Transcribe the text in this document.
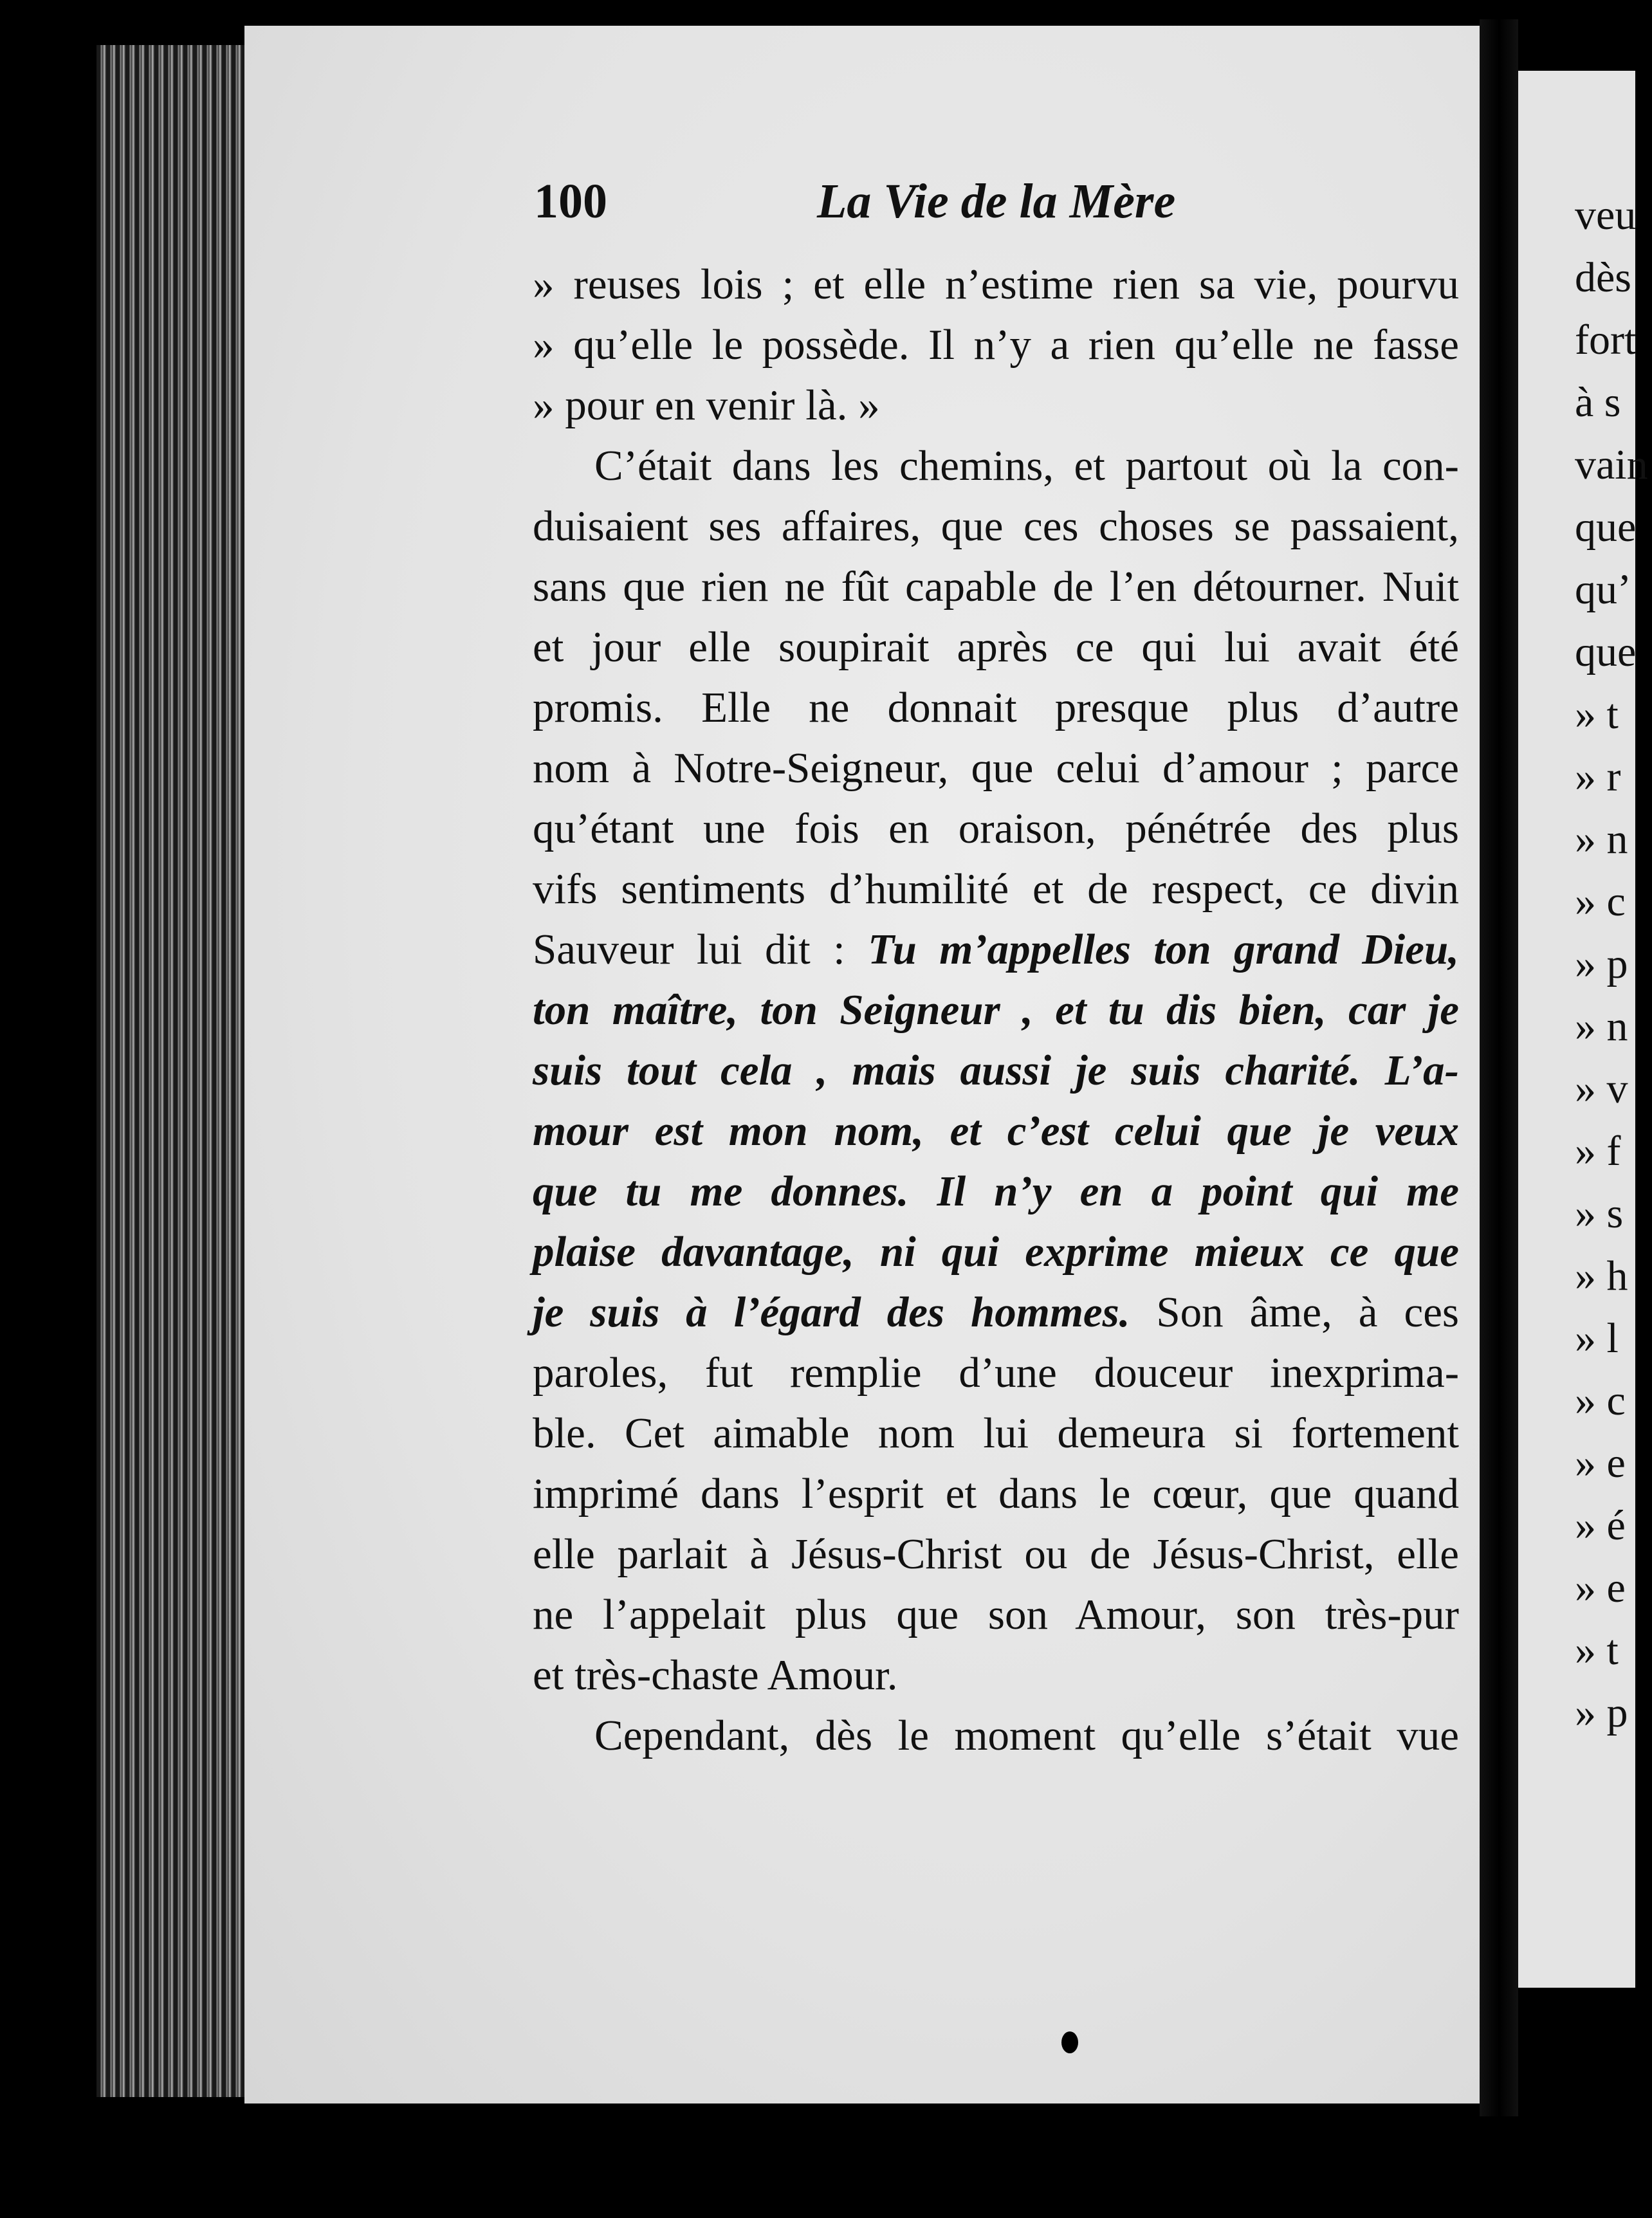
veu
dès
fort
à s
vain
que
qu’
que
» t
» r
» n
» c
» p
» n
» v
» f
» s
» h
» l
» c
» e
» é
» e
» t
» p
100	La Vie de la Mère
» reuses lois ; et elle n’estime rien sa vie, pourvu
» qu’elle le possède. Il n’y a rien qu’elle ne fasse
» pour en venir là. »
C’était dans les chemins, et partout où la con-
duisaient ses affaires, que ces choses se passaient,
sans que rien ne fût capable de l’en détourner. Nuit
et jour elle soupirait après ce qui lui avait été
promis. Elle ne donnait presque plus d’autre
nom à Notre-Seigneur, que celui d’amour ; parce
qu’étant une fois en oraison, pénétrée des plus
vifs sentiments d’humilité et de respect, ce divin
Sauveur lui dit : Tu m’appelles ton grand Dieu,
ton maître, ton Seigneur , et tu dis bien, car je
suis tout cela , mais aussi je suis charité. L’a-
mour est mon nom, et c’est celui que je veux
que tu me donnes. Il n’y en a point qui me
plaise davantage, ni qui exprime mieux ce que
je suis à l’égard des hommes. Son âme, à ces
paroles, fut remplie d’une douceur inexprima-
ble. Cet aimable nom lui demeura si fortement
imprimé dans l’esprit et dans le cœur, que quand
elle parlait à Jésus-Christ ou de Jésus-Christ, elle
ne l’appelait plus que son Amour, son très-pur
et très-chaste Amour.
Cependant, dès le moment qu’elle s’était vue
